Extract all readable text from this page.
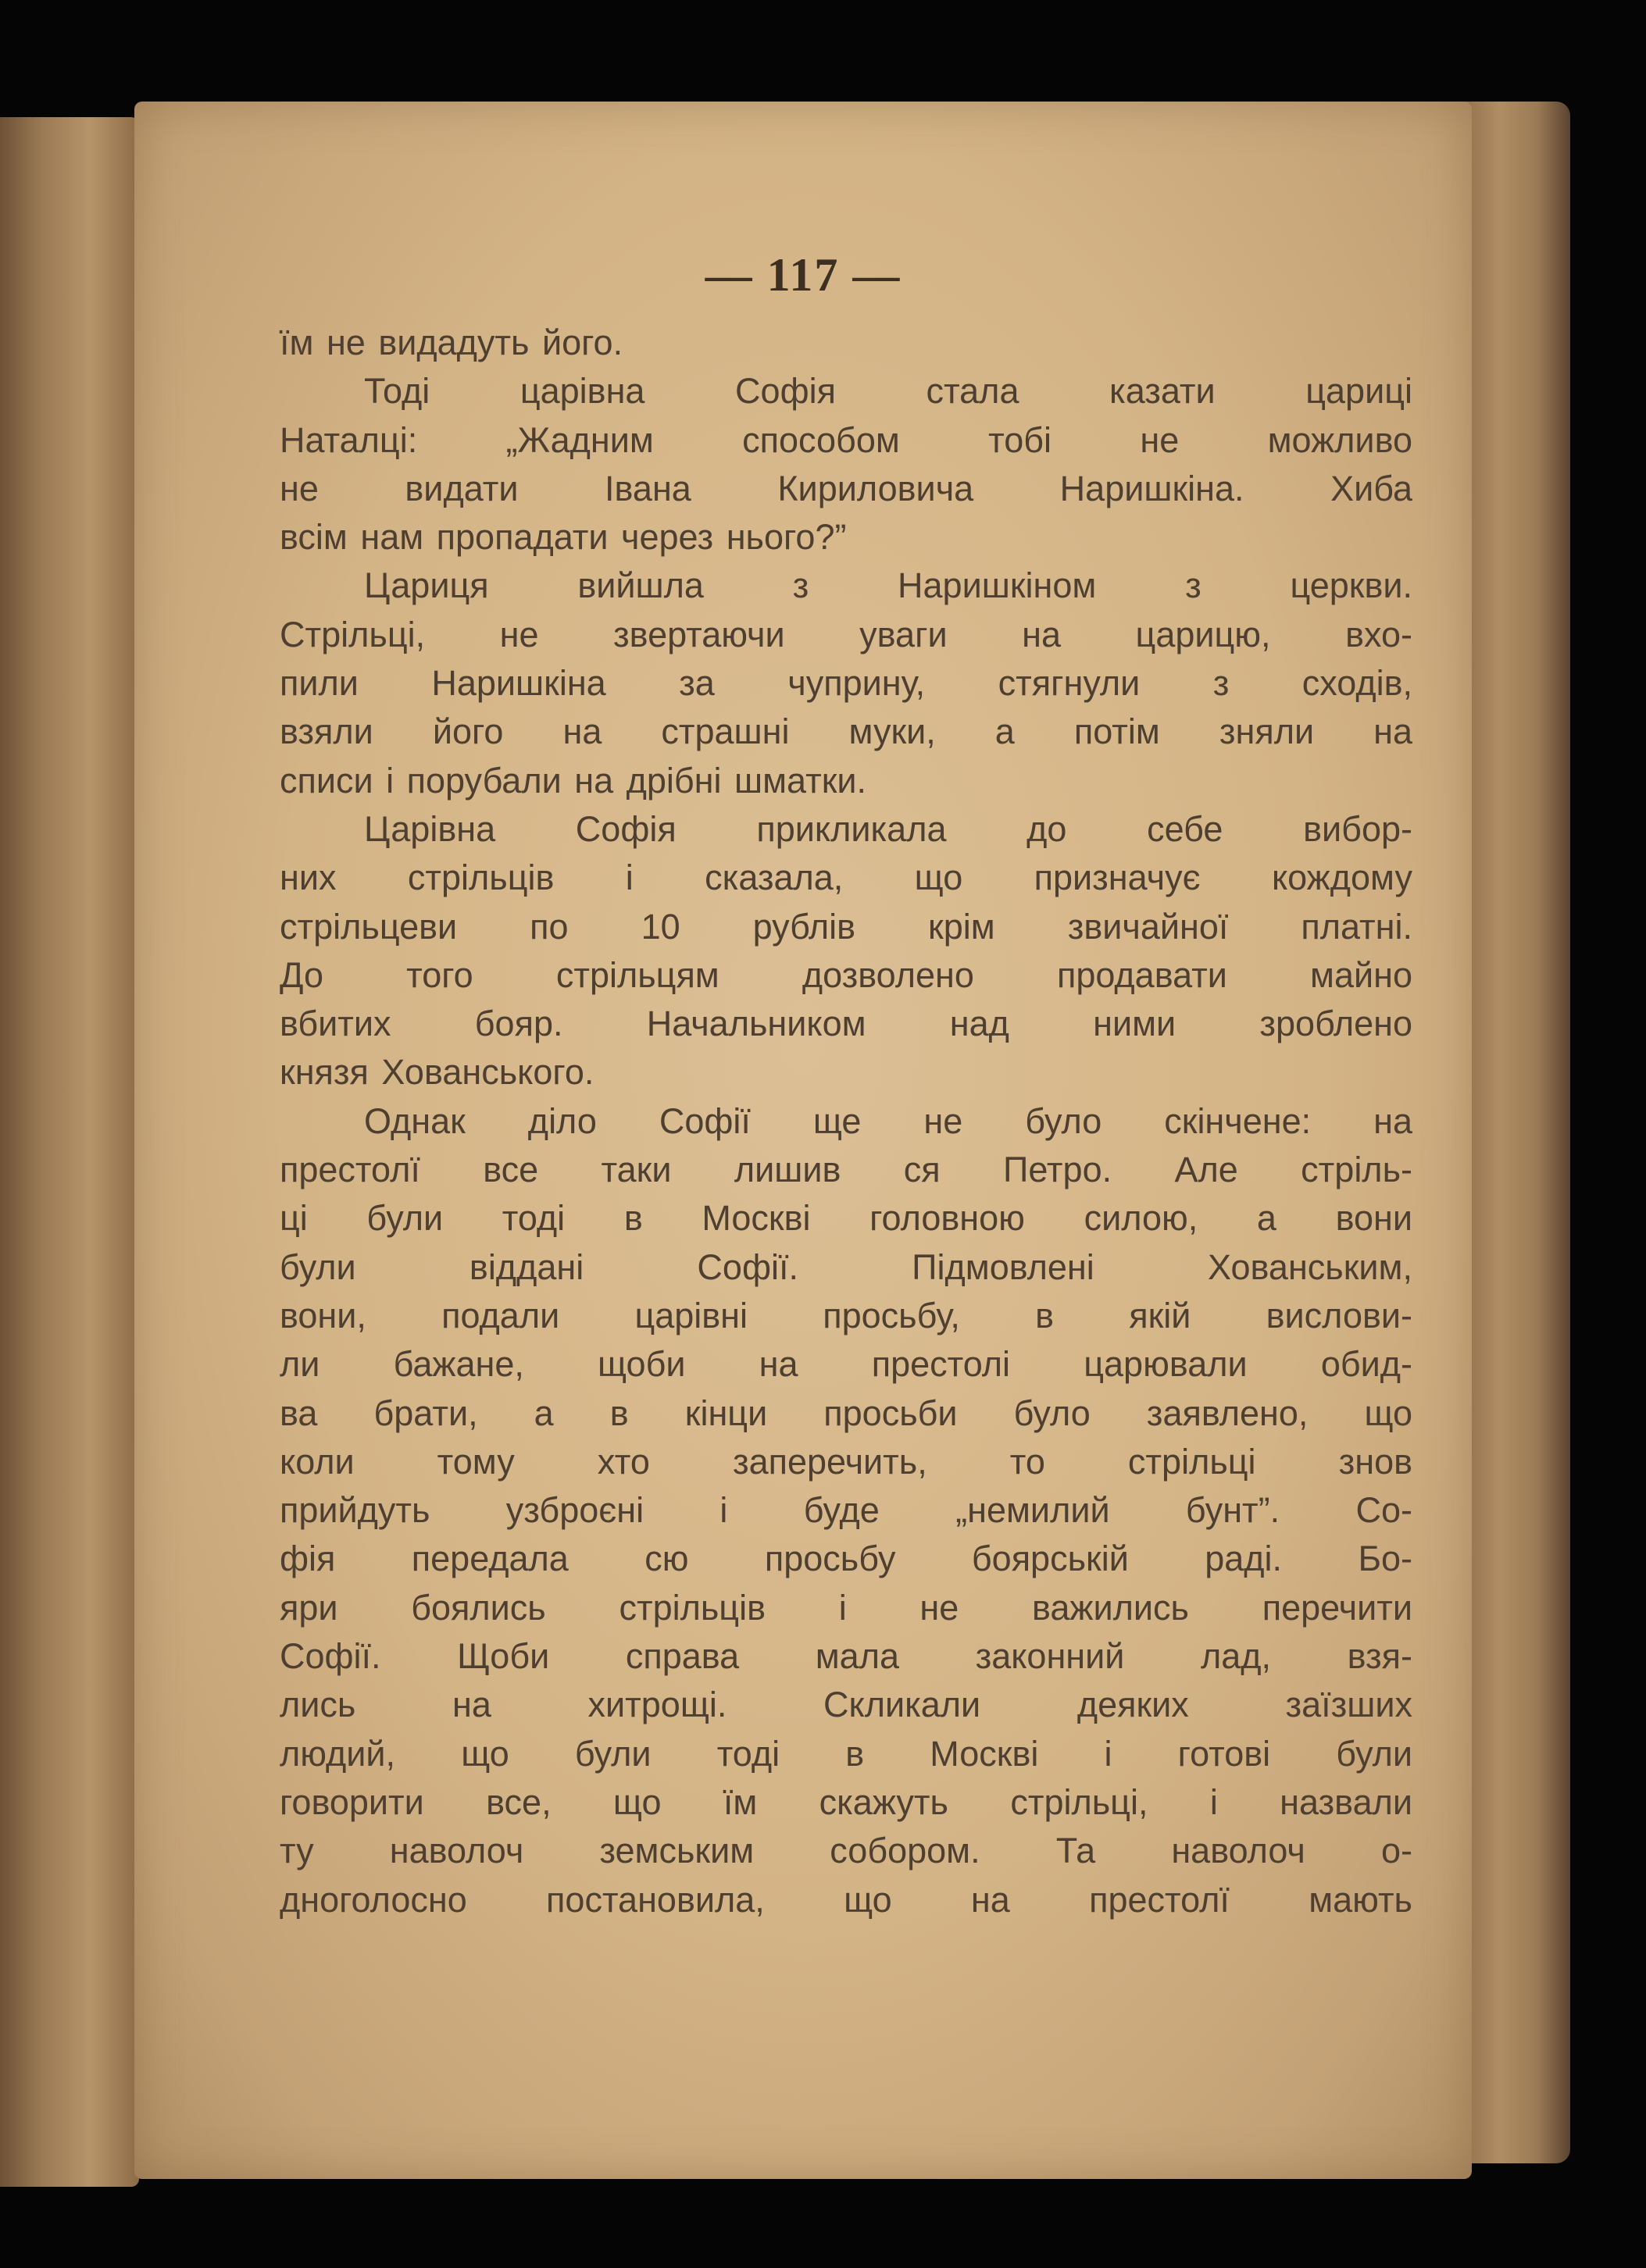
— 117 —
їм не видадуть його.
Тоді царівна Софія стала казати цариці
Наталці: „Жадним способом тобі не можливо
не видати Івана Кириловича Наришкіна. Хиба
всім нам пропадати через нього?”
Цариця вийшла з Наришкіном з церкви.
Стрільці, не звертаючи уваги на царицю, вхо-
пили Наришкіна за чуприну, стягнули з сходів,
взяли його на страшні муки, а потім зняли на
списи і порубали на дрібні шматки.
Царівна Софія прикликала до себе вибор-
них стрільців і сказала, що призначує кождому
стрільцеви по 10 рублів крім звичайної платні.
До того стрільцям дозволено продавати майно
вбитих бояр. Начальником над ними зроблено
князя Хованського.
Однак діло Софії ще не було скінчене: на
престолї все таки лишив ся Петро. Але стріль-
ці були тоді в Москві головною силою, а вони
були віддані Софії. Підмовлені Хованським,
вони, подали царівні просьбу, в якій вислови-
ли бажане, щоби на престолі царювали обид-
ва брати, а в кінци просьби було заявлено, що
коли тому хто заперечить, то стрільці знов
прийдуть узброєні і буде „немилий бунт”. Со-
фія передала сю просьбу боярській раді. Бо-
яри боялись стрільців і не важились перечити
Софії. Щоби справа мала законний лад, взя-
лись на хитрощі. Скликали деяких заїзших
людий, що були тоді в Москві і готові були
говорити все, що їм скажуть стрільці, і назвали
ту наволоч земським собором. Та наволоч о-
дноголосно постановила, що на престолї мають
